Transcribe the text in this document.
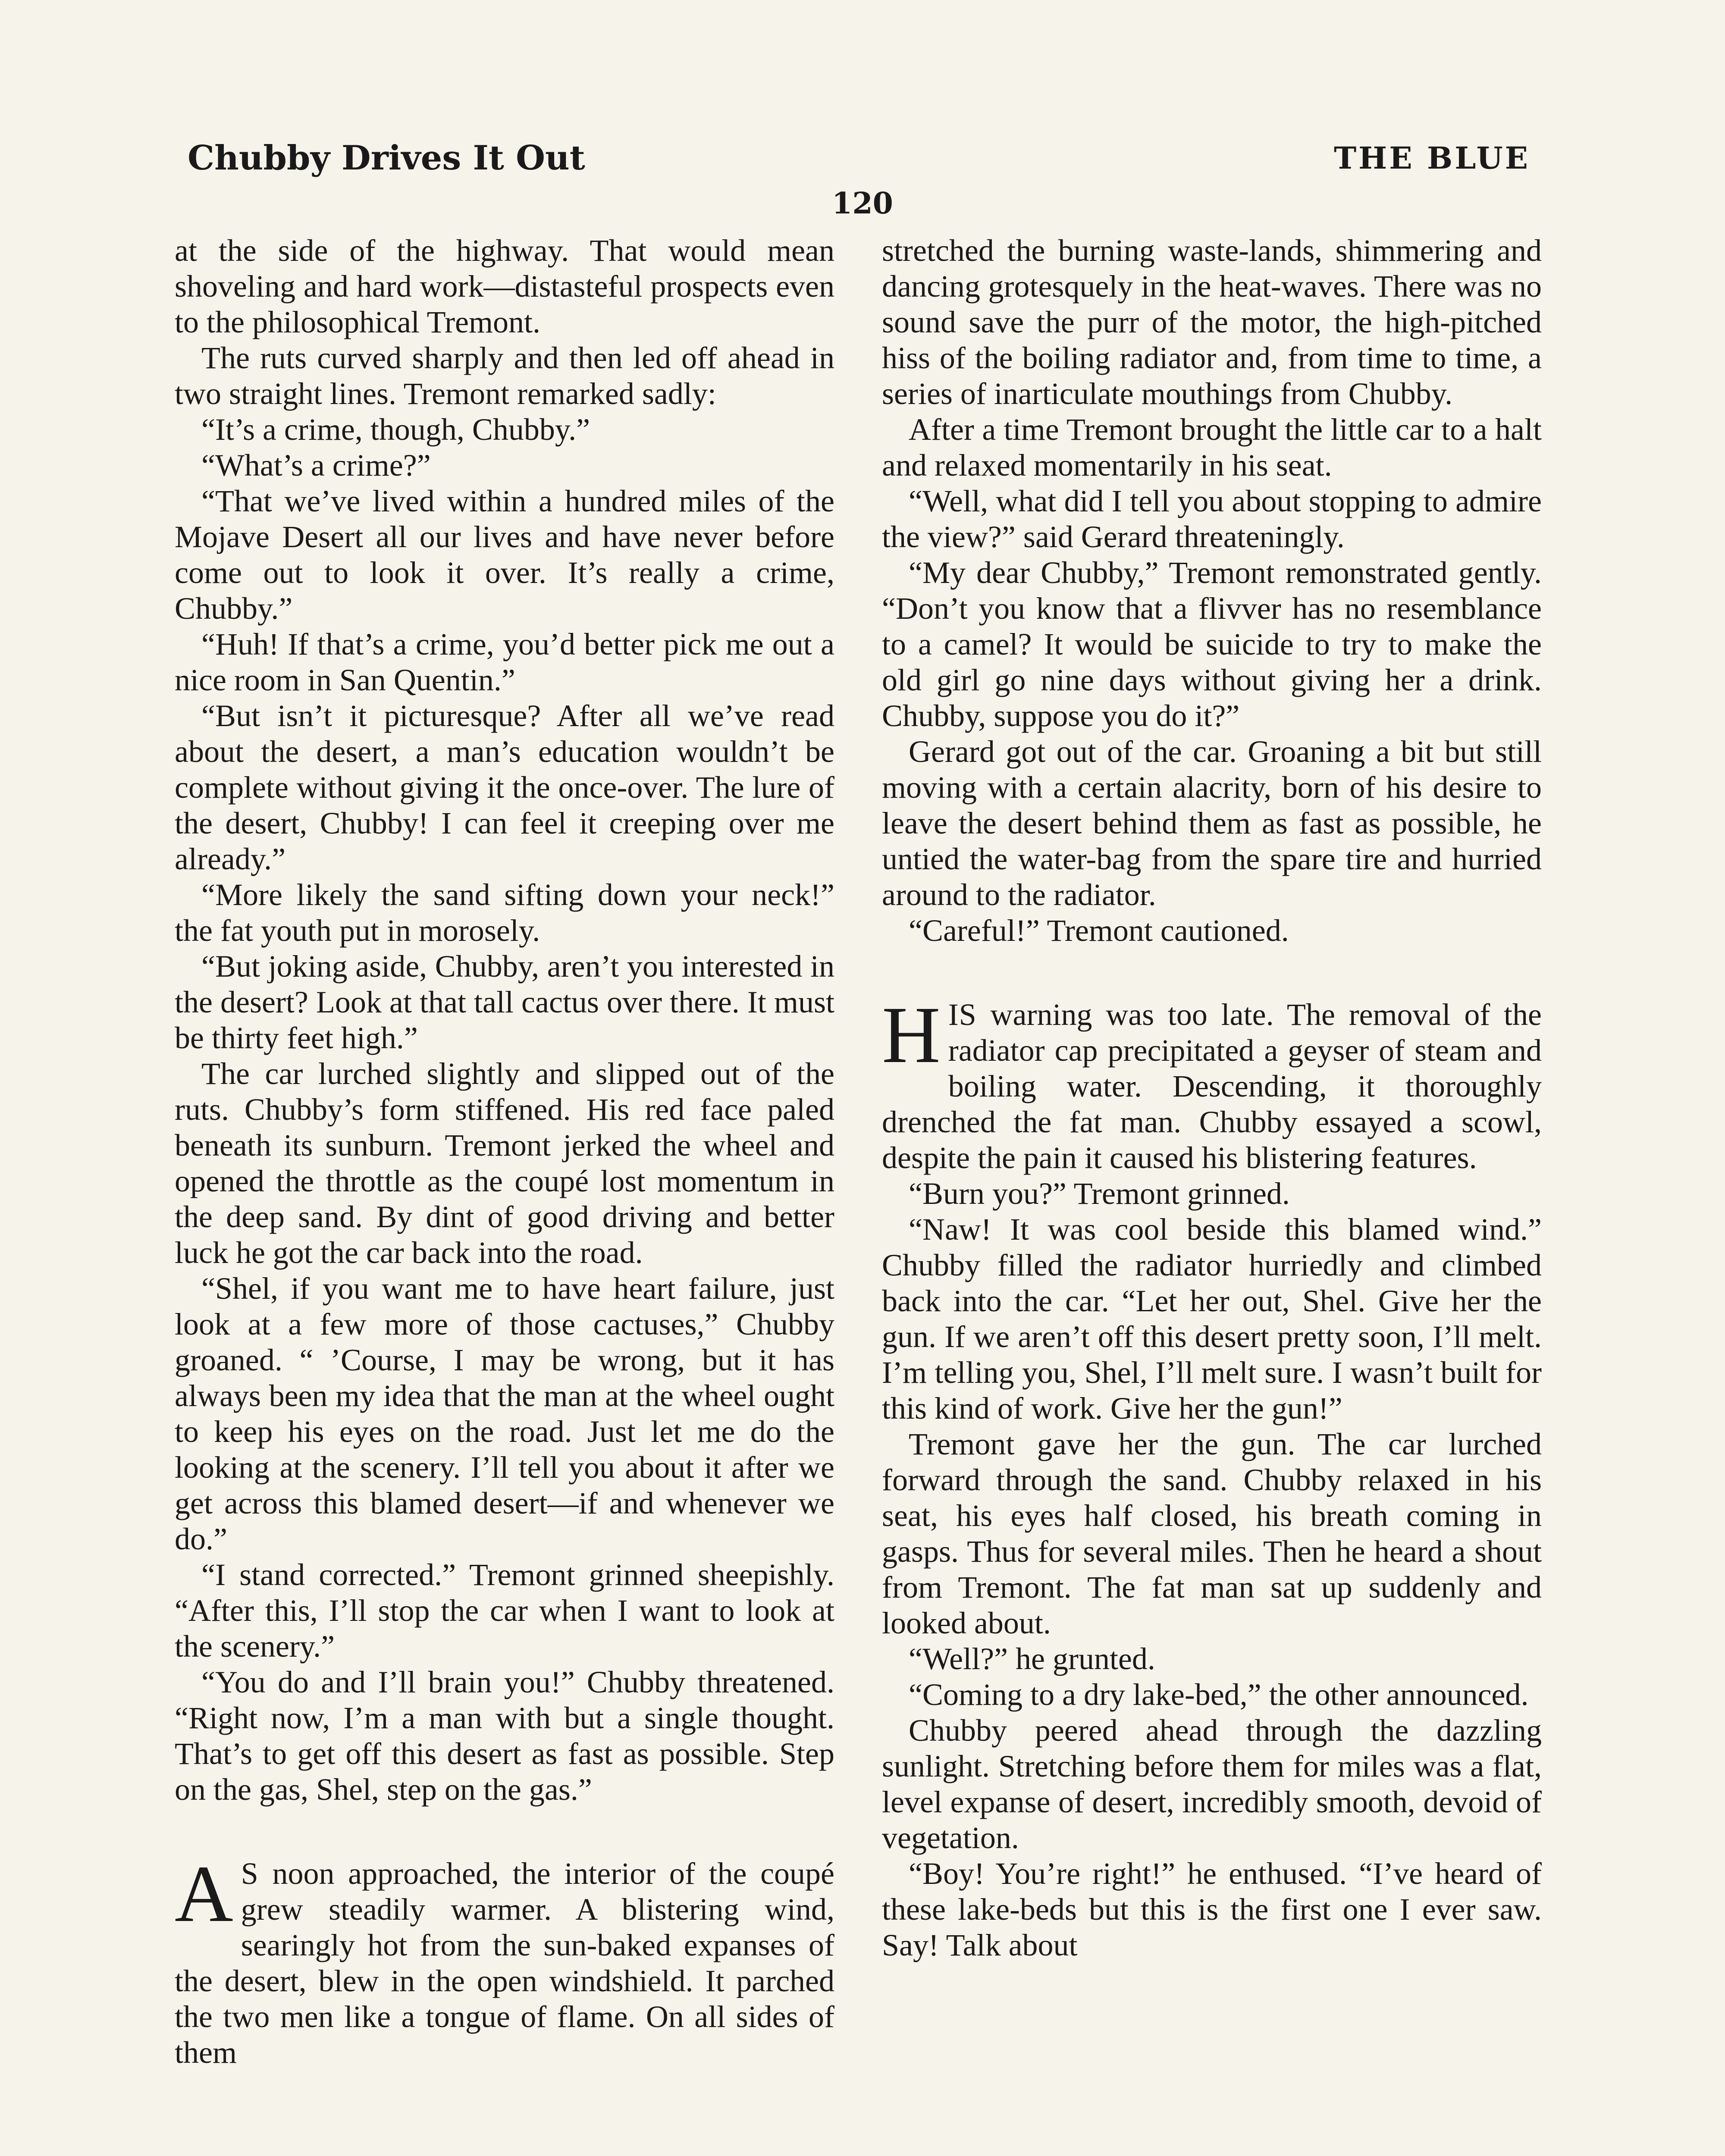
Chubby Drives It Out	THE BLUE
120

at the side of the highway. That would mean shoveling and hard work—distasteful prospects even to the philosophical Tremont.

The ruts curved sharply and then led off ahead in two straight lines. Tremont remarked sadly:

“It’s a crime, though, Chubby.”

“What’s a crime?”

“That we’ve lived within a hundred miles of the Mojave Desert all our lives and have never before come out to look it over. It’s really a crime, Chubby.”

“Huh! If that’s a crime, you’d better pick me out a nice room in San Quentin.”

“But isn’t it picturesque? After all we’ve read about the desert, a man’s education wouldn’t be complete without giving it the once-over. The lure of the desert, Chubby! I can feel it creeping over me already.”

“More likely the sand sifting down your neck!” the fat youth put in morosely.

“But joking aside, Chubby, aren’t you interested in the desert? Look at that tall cactus over there. It must be thirty feet high.”

The car lurched slightly and slipped out of the ruts. Chubby’s form stiffened. His red face paled beneath its sunburn. Tremont jerked the wheel and opened the throttle as the coupé lost momentum in the deep sand. By dint of good driving and better luck he got the car back into the road.

“Shel, if you want me to have heart failure, just look at a few more of those cactuses,” Chubby groaned. “ ’Course, I may be wrong, but it has always been my idea that the man at the wheel ought to keep his eyes on the road. Just let me do the looking at the scenery. I’ll tell you about it after we get across this blamed desert—if and whenever we do.”

“I stand corrected.” Tremont grinned sheepishly. “After this, I’ll stop the car when I want to look at the scenery.”

“You do and I’ll brain you!” Chubby threatened. “Right now, I’m a man with but a single thought. That’s to get off this desert as fast as possible. Step on the gas, Shel, step on the gas.”

A S noon approached, the interior of the coupé grew steadily warmer. A blistering wind, searingly hot from the sun-baked expanses of the desert, blew in the open windshield. It parched the two men like a tongue of flame. On all sides of them

stretched the burning waste-lands, shimmering and dancing grotesquely in the heat-waves. There was no sound save the purr of the motor, the high-pitched hiss of the boiling radiator and, from time to time, a series of inarticulate mouthings from Chubby.

After a time Tremont brought the little car to a halt and relaxed momentarily in his seat.

“Well, what did I tell you about stopping to admire the view?” said Gerard threateningly.

“My dear Chubby,” Tremont remonstrated gently. “Don’t you know that a flivver has no resemblance to a camel? It would be suicide to try to make the old girl go nine days without giving her a drink. Chubby, suppose you do it?”

Gerard got out of the car. Groaning a bit but still moving with a certain alacrity, born of his desire to leave the desert behind them as fast as possible, he untied the water-bag from the spare tire and hurried around to the radiator.

“Careful!” Tremont cautioned.

HIS warning was too late. The removal of the radiator cap precipitated a geyser of steam and boiling water. Descending, it thoroughly drenched the fat man. Chubby essayed a scowl, despite the pain it caused his blistering features.

“Burn you?” Tremont grinned.

“Naw! It was cool beside this blamed wind.” Chubby filled the radiator hurriedly and climbed back into the car. “Let her out, Shel. Give her the gun. If we aren’t off this desert pretty soon, I’ll melt. I’m telling you, Shel, I’ll melt sure. I wasn’t built for this kind of work. Give her the gun!”

Tremont gave her the gun. The car lurched forward through the sand. Chubby relaxed in his seat, his eyes half closed, his breath coming in gasps. Thus for several miles. Then he heard a shout from Tremont. The fat man sat up suddenly and looked about.

“Well?” he grunted.

“Coming to a dry lake-bed,” the other announced.

Chubby peered ahead through the dazzling sunlight. Stretching before them for miles was a flat, level expanse of desert, incredibly smooth, devoid of vegetation.

“Boy! You’re right!” he enthused. “I’ve heard of these lake-beds but this is the first one I ever saw. Say! Talk about
